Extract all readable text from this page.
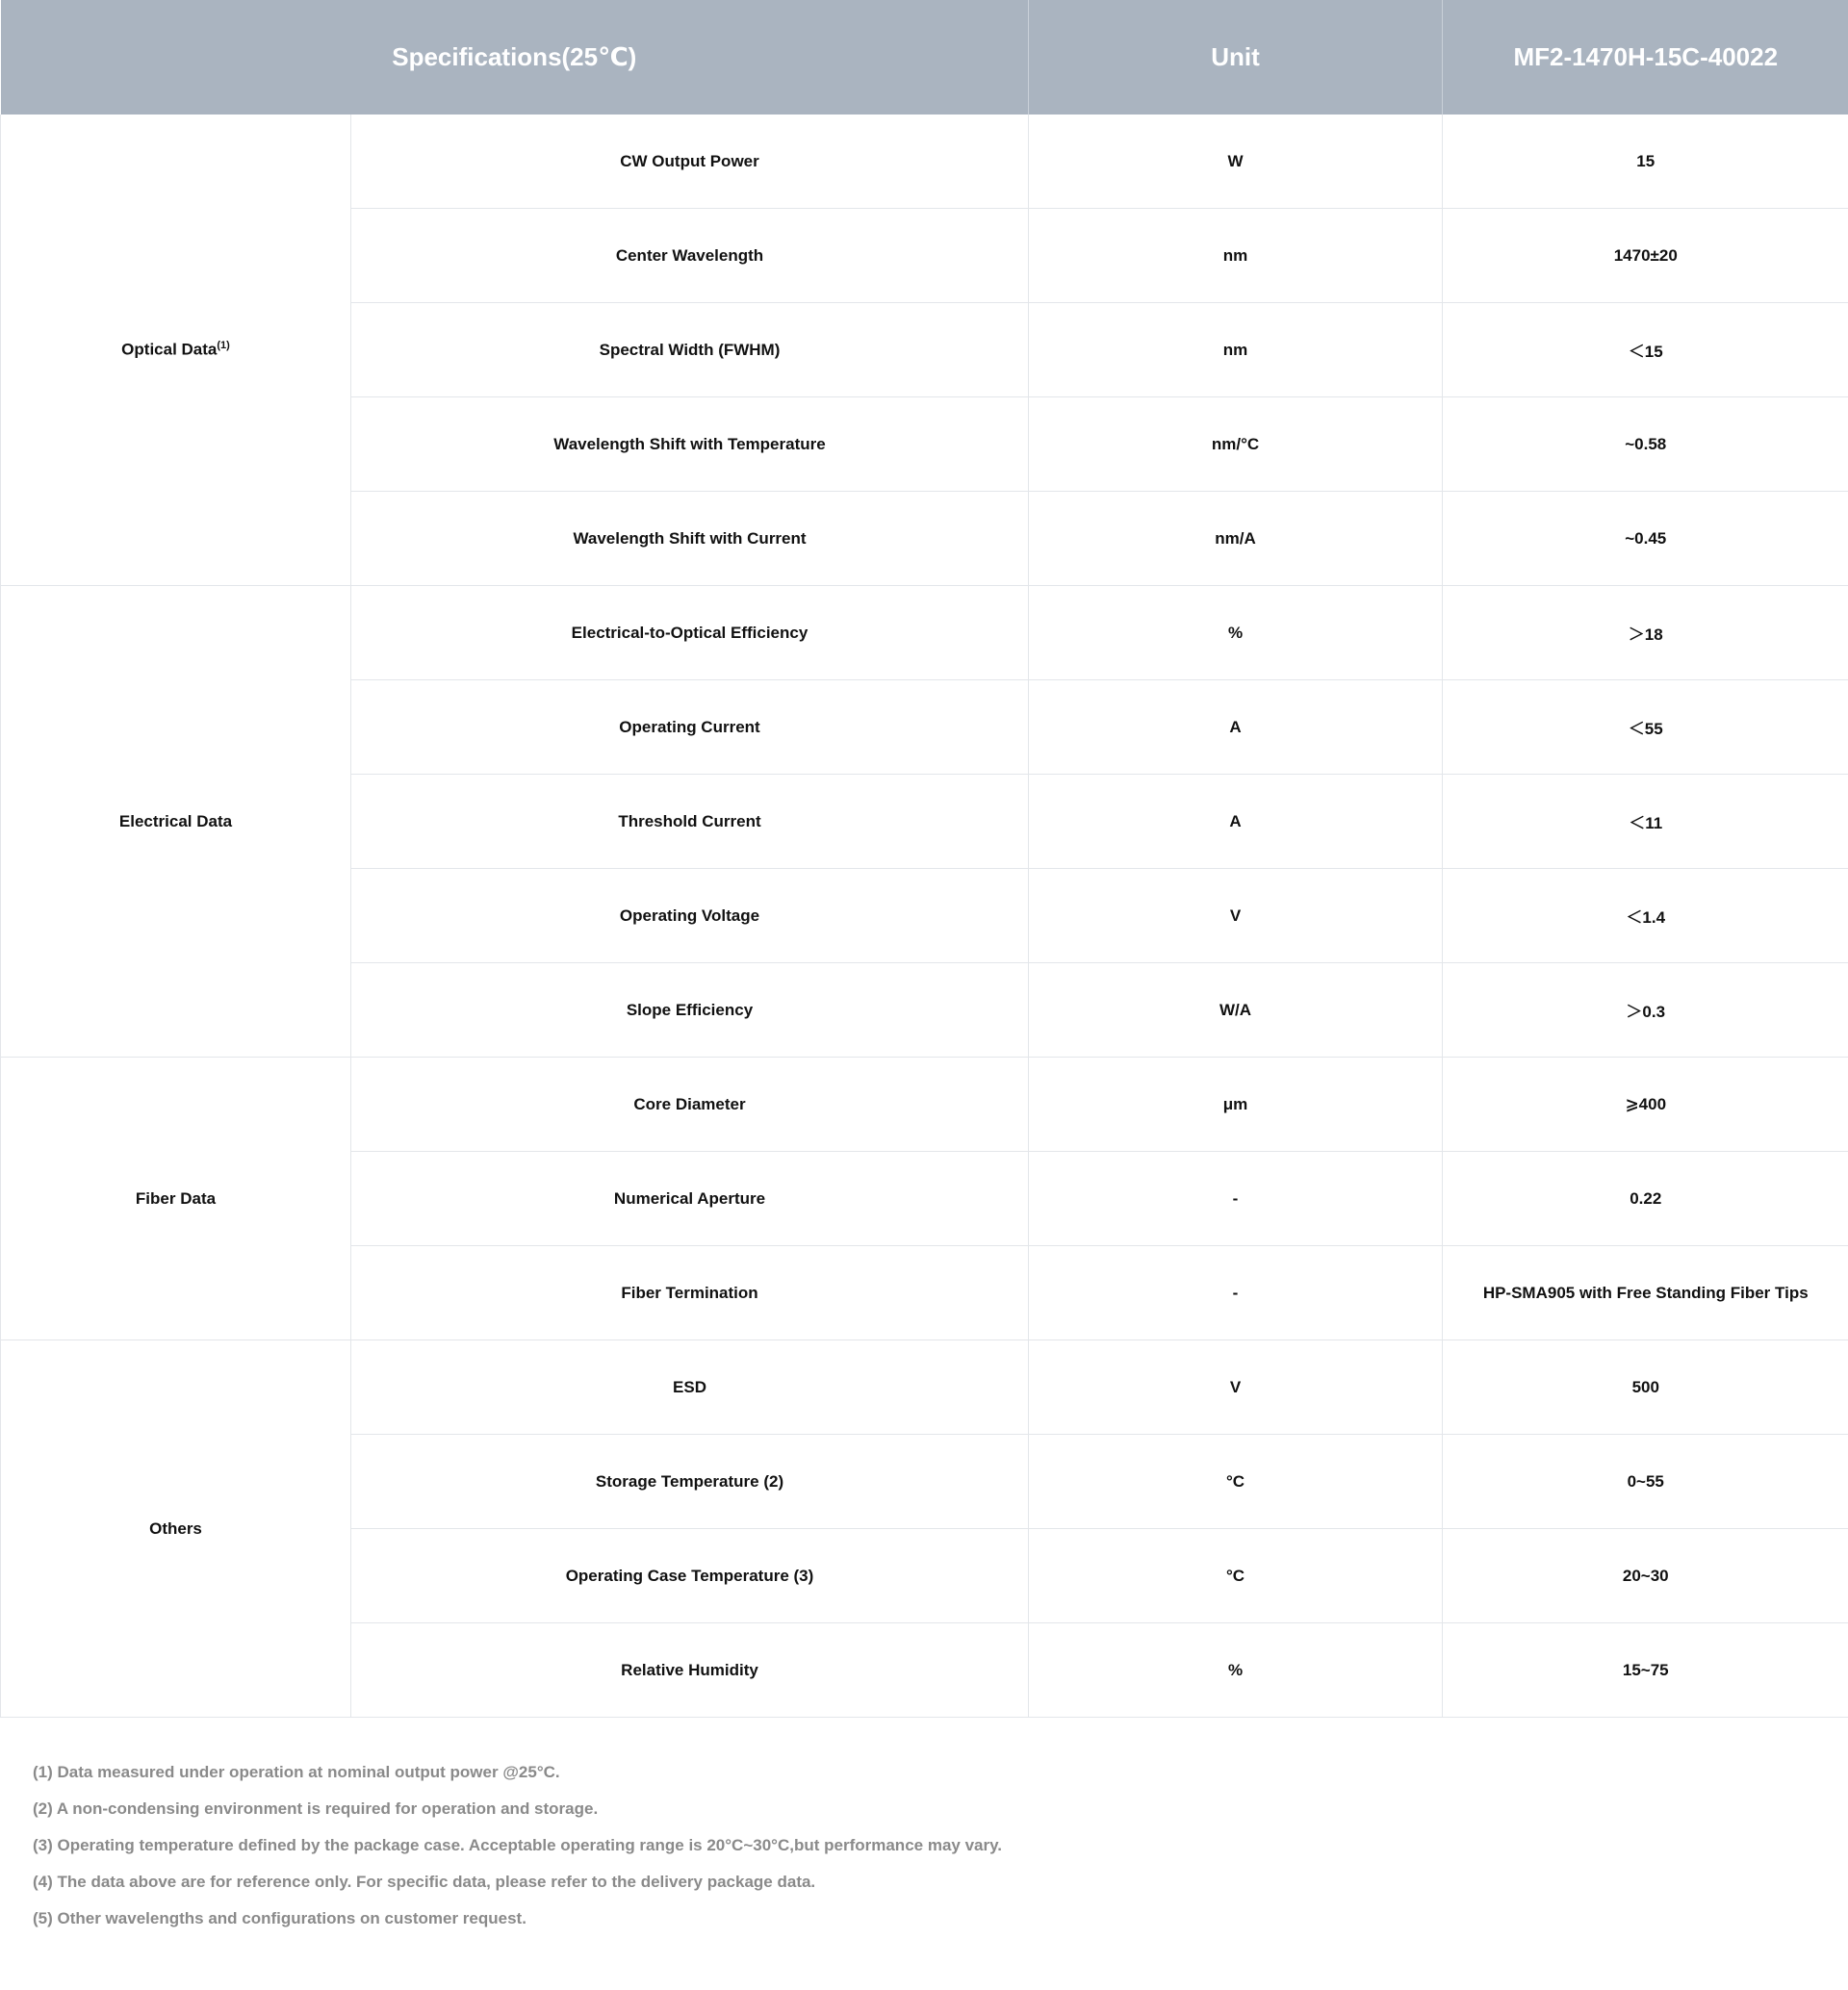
Specifications(25℃)		Unit	MF2-1470H-15C-40022
Optical Data$^{(1)}$	CW Output Power	W	15
	Center Wavelength	nm	1470±20
	Spectral Width (FWHM)	nm	＜15
	Wavelength Shift with Temperature	nm/°C	~0.58
	Wavelength Shift with Current	nm/A	~0.45
Electrical Data	Electrical-to-Optical Efficiency	%	＞18
	Operating Current	A	＜55
	Threshold Current	A	＜11
	Operating Voltage	V	＜1.4
	Slope Efficiency	W/A	＞0.3
Fiber Data	Core Diameter	μm	⩾400
	Numerical Aperture	-	0.22
	Fiber Termination	-	HP-SMA905 with Free Standing Fiber Tips
Others	ESD	V	500
	Storage Temperature (2)	°C	0~55
	Operating Case Temperature (3)	°C	20~30
	Relative Humidity	%	15~75
(1) Data measured under operation at nominal output power @25°C.
(2) A non-condensing environment is required for operation and storage.
(3) Operating temperature defined by the package case. Acceptable operating range is 20°C~30°C,but performance may vary.
(4) The data above are for reference only. For specific data, please refer to the delivery package data.
(5) Other wavelengths and configurations on customer request.
